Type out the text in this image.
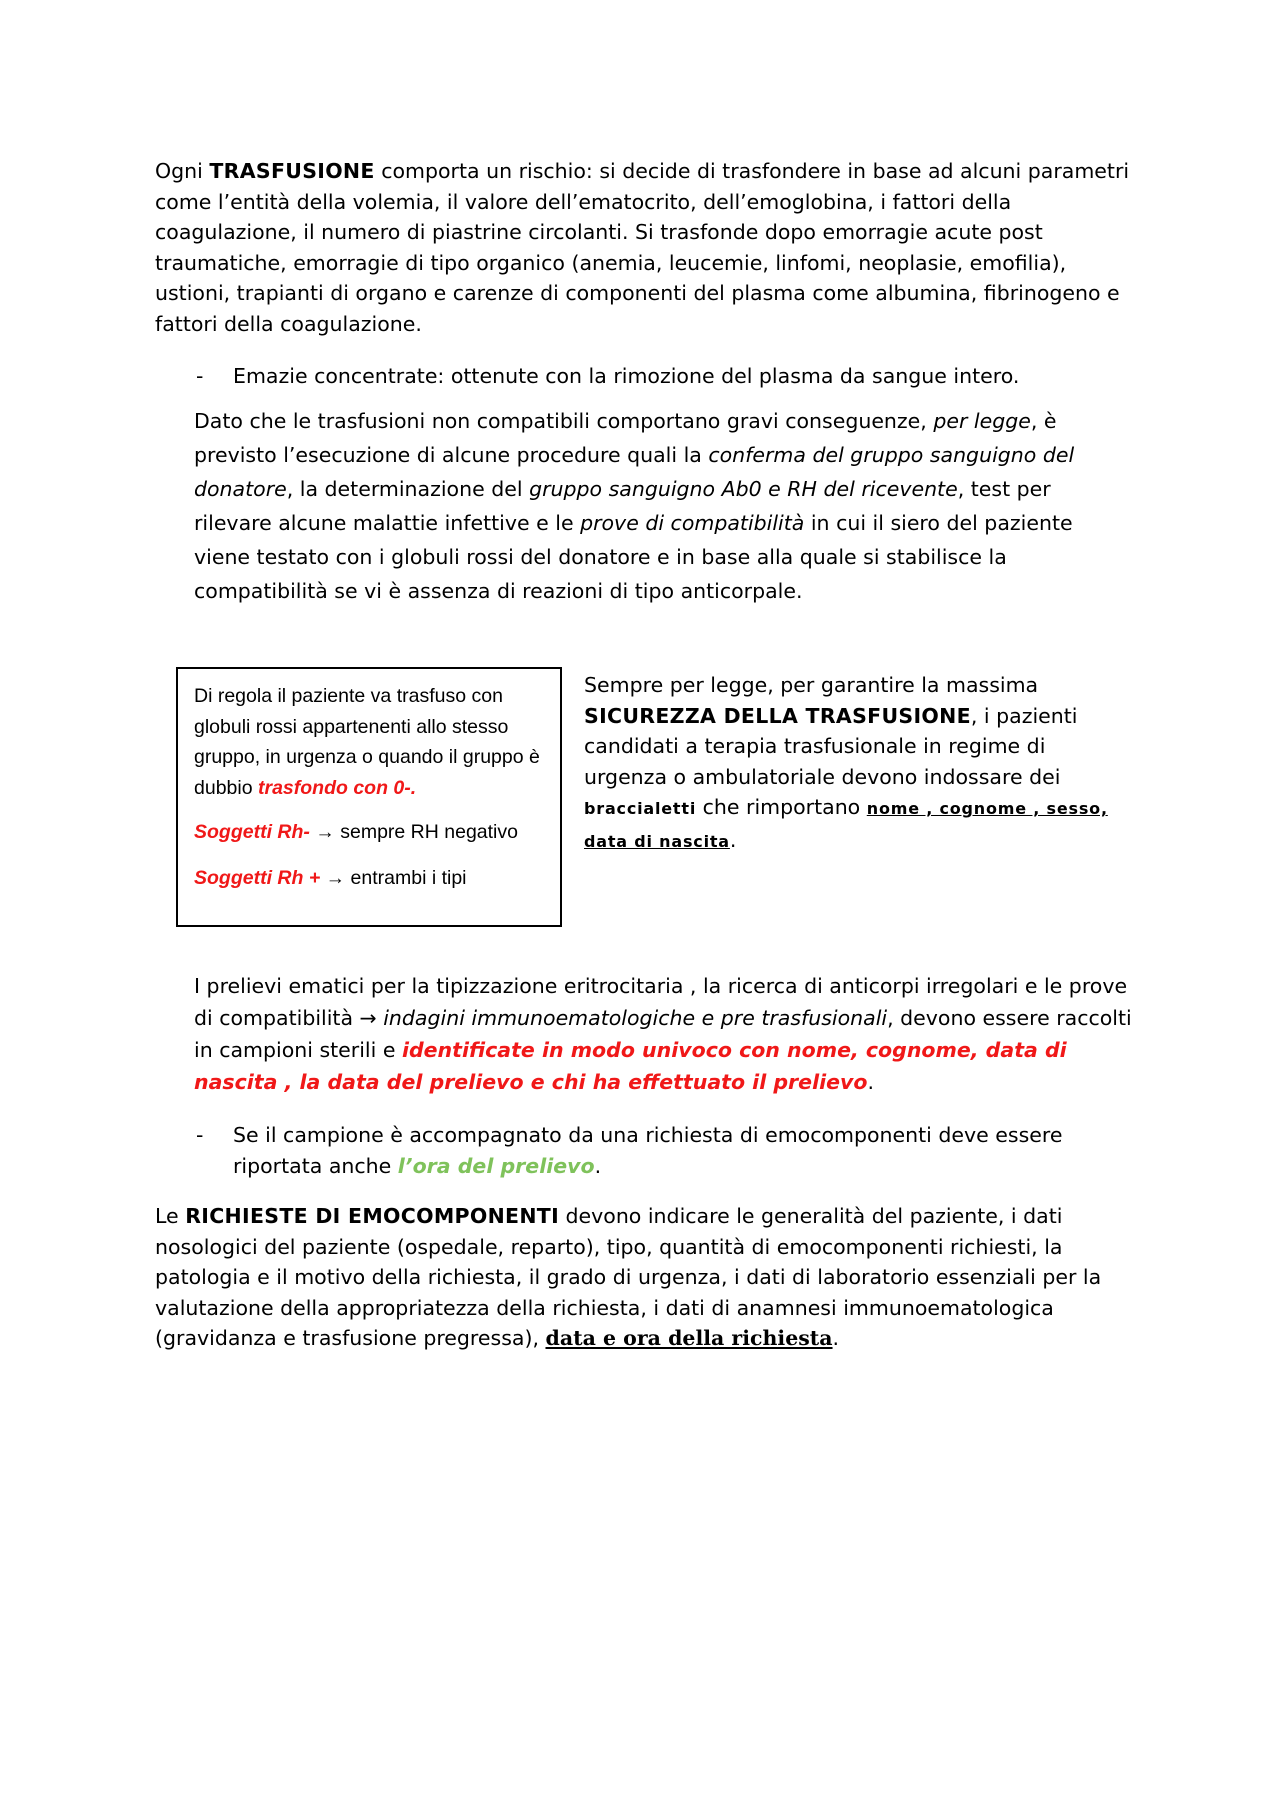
Ogni TRASFUSIONE comporta un rischio: si decide di trasfondere in base ad alcuni parametri come l’entità della volemia, il valore dell’ematocrito, dell’emoglobina, i fattori della coagulazione, il numero di piastrine circolanti. Si trasfonde dopo emorragie acute post traumatiche, emorragie di tipo organico (anemia, leucemie, linfomi, neoplasie, emofilia), ustioni, trapianti di organo e carenze di componenti del plasma come albumina, fibrinogeno e fattori della coagulazione.

- Emazie concentrate: ottenute con la rimozione del plasma da sangue intero.

Dato che le trasfusioni non compatibili comportano gravi conseguenze, per legge, è previsto l’esecuzione di alcune procedure quali la conferma del gruppo sanguigno del donatore, la determinazione del gruppo sanguigno Ab0 e RH del ricevente, test per rilevare alcune malattie infettive e le prove di compatibilità in cui il siero del paziente viene testato con i globuli rossi del donatore e in base alla quale si stabilisce la compatibilità se vi è assenza di reazioni di tipo anticorpale.

Di regola il paziente va trasfuso con globuli rossi appartenenti allo stesso gruppo, in urgenza o quando il gruppo è dubbio trasfondo con 0-.
Soggetti Rh- → sempre RH negativo
Soggetti Rh + → entrambi i tipi

Sempre per legge, per garantire la massima SICUREZZA DELLA TRASFUSIONE, i pazienti candidati a terapia trasfusionale in regime di urgenza o ambulatoriale devono indossare dei braccialetti che rimportano nome , cognome , sesso, data di nascita.

I prelievi ematici per la tipizzazione eritrocitaria , la ricerca di anticorpi irregolari e le prove di compatibilità → indagini immunoematologiche e pre trasfusionali, devono essere raccolti in campioni sterili e identificate in modo univoco con nome, cognome, data di nascita , la data del prelievo e chi ha effettuato il prelievo.

- Se il campione è accompagnato da una richiesta di emocomponenti deve essere riportata anche l’ora del prelievo.

Le RICHIESTE DI EMOCOMPONENTI devono indicare le generalità del paziente, i dati nosologici del paziente (ospedale, reparto), tipo, quantità di emocomponenti richiesti, la patologia e il motivo della richiesta, il grado di urgenza, i dati di laboratorio essenziali per la valutazione della appropriatezza della richiesta, i dati di anamnesi immunoematologica (gravidanza e trasfusione pregressa), data e ora della richiesta.
